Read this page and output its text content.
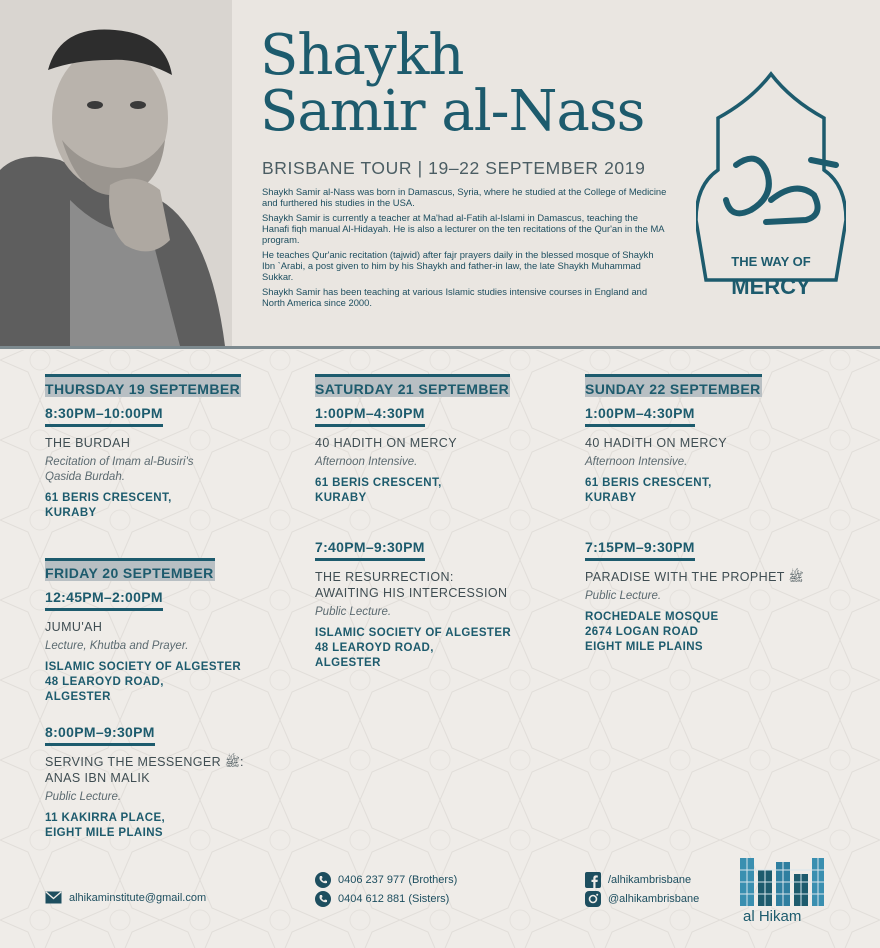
Shaykh
Samir al-Nass
BRISBANE TOUR | 19–22 SEPTEMBER 2019

Shaykh Samir al-Nass was born in Damascus, Syria, where he studied at the College of Medicine and furthered his studies in the USA.

Shaykh Samir is currently a teacher at Ma'had al-Fatih al-Islami in Damascus, teaching the Hanafi fiqh manual Al-Hidayah. He is also a lecturer on the ten recitations of the Qur'an in the MA program.

He teaches Qur'anic recitation (tajwid) after fajr prayers daily in the blessed mosque of Shaykh Ibn `Arabi, a post given to him by his Shaykh and father-in law, the late Shaykh Muhammad Sukkar.

Shaykh Samir has been teaching at various Islamic studies intensive courses in England and North America since 2000.

THE WAY OF
MERCY
THURSDAY 19 SEPTEMBER
8:30PM–10:00PM
THE BURDAH
Recitation of Imam al-Busiri's
Qasida Burdah.
61 BERIS CRESCENT,
KURABY
FRIDAY 20 SEPTEMBER
12:45PM–2:00PM
JUMU'AH
Lecture, Khutba and Prayer.
ISLAMIC SOCIETY OF ALGESTER
48 LEAROYD ROAD,
ALGESTER
8:00PM–9:30PM
SERVING THE MESSENGER ﷺ:
ANAS IBN MALIK
Public Lecture.
11 KAKIRRA PLACE,
EIGHT MILE PLAINS
SATURDAY 21 SEPTEMBER
1:00PM–4:30PM
40 HADITH ON MERCY
Afternoon Intensive.
61 BERIS CRESCENT,
KURABY
7:40PM–9:30PM
THE RESURRECTION:
AWAITING HIS INTERCESSION
Public Lecture.
ISLAMIC SOCIETY OF ALGESTER
48 LEAROYD ROAD,
ALGESTER
SUNDAY 22 SEPTEMBER
1:00PM–4:30PM
40 HADITH ON MERCY
Afternoon Intensive.
61 BERIS CRESCENT,
KURABY
7:15PM–9:30PM
PARADISE WITH THE PROPHET ﷺ
Public Lecture.
ROCHEDALE MOSQUE
2674 LOGAN ROAD
EIGHT MILE PLAINS
alhikaminstitute@gmail.com
0406 237 977 (Brothers)
0404 612 881 (Sisters)
/alhikambrisbane
@alhikambrisbane
al Hikam
